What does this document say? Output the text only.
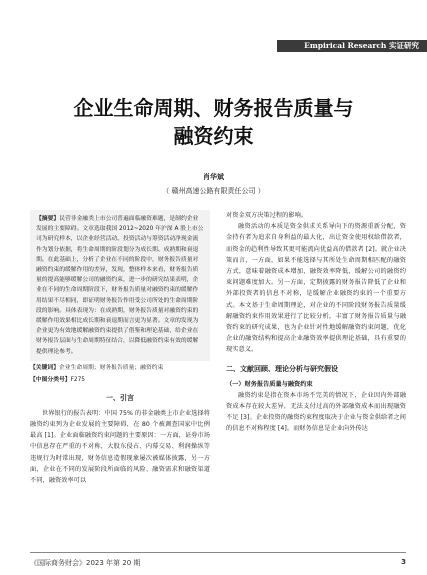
Empirical Research 实证研究
企业生命周期、财务报告质量与
融资约束
肖华斌
（ 赣州高速公路有限责任公司 ）
【摘要】民营非金融类上市公司普遍面临融资难题，是制约企业发展的主要障碍。文章选取我国 2012~2020 年沪深 A 股上市公司为研究样本，以企业经营活动、投资活动与筹资活动净现金流作为划分依据，将生命周期的阶段划分为成长期、成熟期和衰退期。在此基础上，分析了企业在不同的阶段中，财务报告质量对融资约束的缓解作用的差异，发现，整体样本来看，财务报告质量的提高能够缓解公司的融资约束，进一步的研究结果表明，企业在不同的生命周期阶段下，财务报告质量对融资约束的缓解作用结果不尽相同，即证明财务报告作用受公司所处的生命周期阶段的影响。具体表现为：在成熟期，财务报告质量对融资约束的缓解作用效果相比成长期和衰退期而言更为显著。文章的发现为企业更为有效地缓解融资约束提供了借鉴和理论基础，给企业在财务报告层面与生命周期特征结合，以降低融资约束有效的缓解提供理论参考。
【关键词】企业生命周期；财务报告质量；融资约束
【中图分类号】F275
一、引言

世界银行的报告表明：中国 75% 的非金融类上市企业选择将融资约束列为企业发展的主要障碍，在 80 个被调查国家中比例最高 [1]。企业面临融资约束问题的主要原因：一方面，证券市场中信息存在严重的不对称，大股东侵占、内幕交易、利润操纵等违规行为时常出现，财务信息造假现象屡次被媒体披露，另一方面，企业在不同的发展阶段所面临的风险、融资需求和融资渠道不同，融资效率可以

对资金双方决策过程的影响。

融资活动的本质是资金供求关系导向下的资源重新分配，资金持有者为追求自身利益的最大化，出让资金使用权给借款者，而资金的趋利性导致其更可能流向优益高的借款者 [2]。就企业决策而言，一方面，如果不能选择与其所处生命周期相匹配的融资方式，意味着融资成本增加，融资效率降低，缓解公司的融资约束问题难度加大。另一方面，定期披露的财务报告降低了企业和外部投资者的信息不对称，是缓解企业融资约束的一个重要方式。本文基于生命周期理论，对企业的不同阶段财务报告质量缓解融资约束作用效果进行了比较分析，丰富了财务报告质量与融资约束的研究成果，也为企业针对性地缓解融资约束问题，优化企业的融资结构和提高企业融资效率提供理论基础，具有重要的现实意义。

二、文献回顾、理论分析与研究假设
（一）财务报告质量与融资约束

融资约束是指在资本市场不完美的情况下，企业因内外部融资成本存在较大差异，无法支付过高的外部融资成本而出现融资不足 [3]。企业投资的融资约束程度取决于企业与资金供给者之间的信息不对称程度 [4]。而财务信息是企业向外传达

《国际商务财会》2023 年第 20 期	3
